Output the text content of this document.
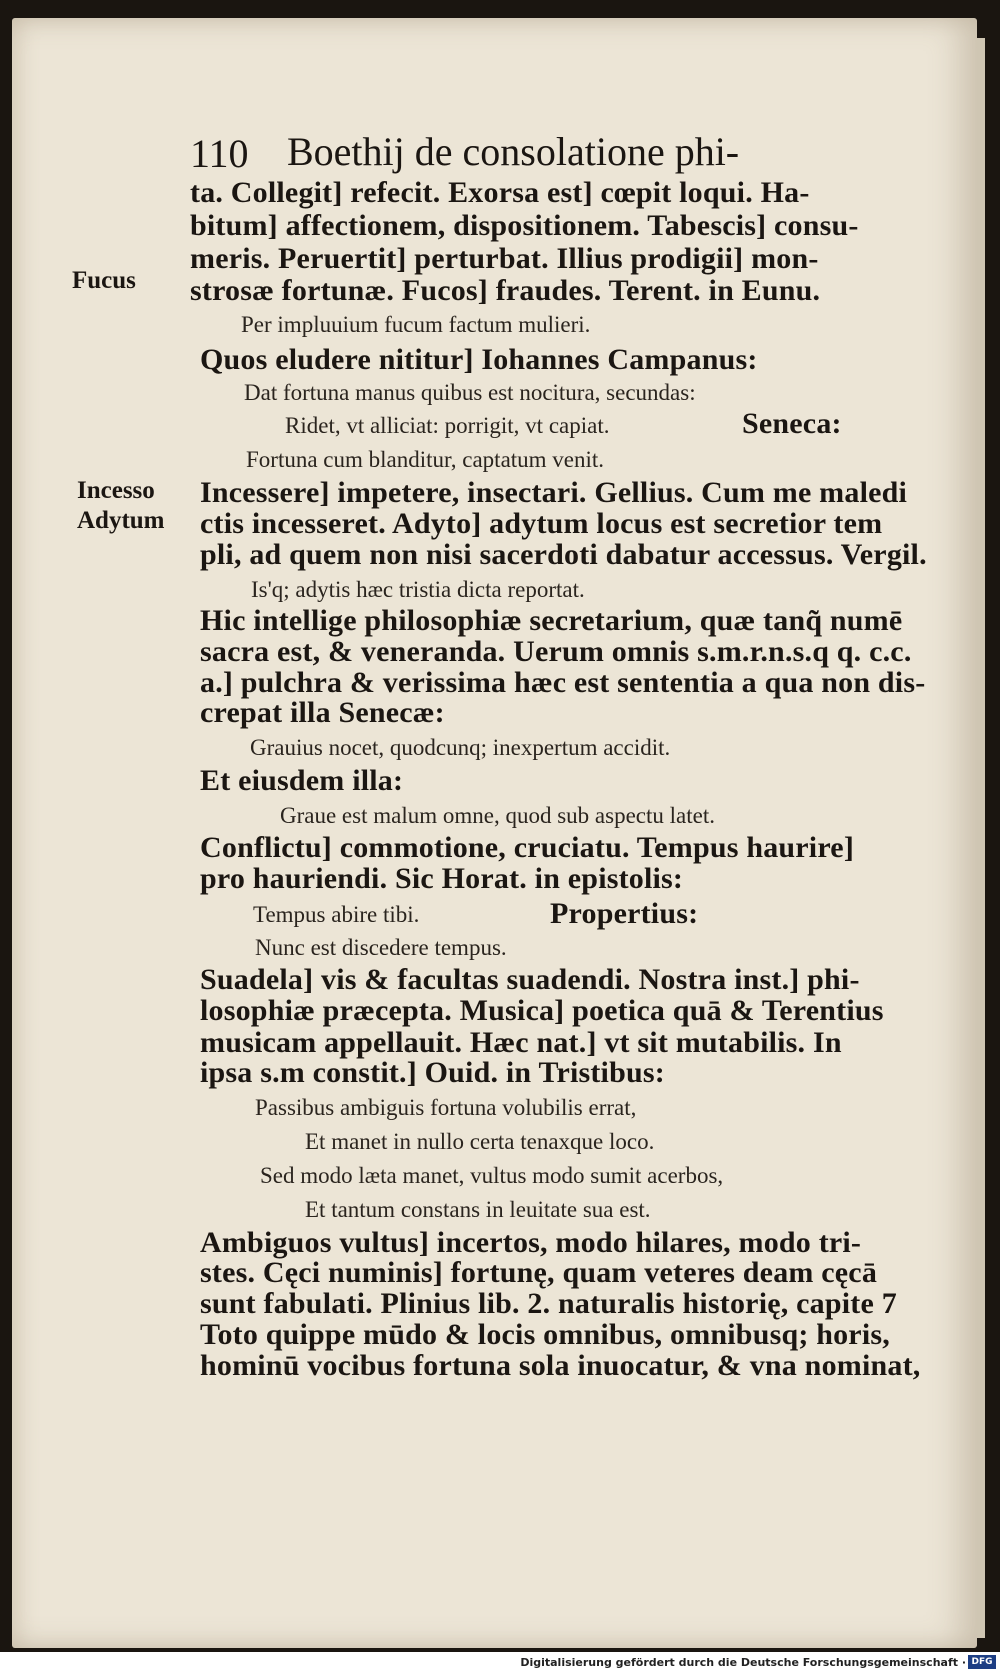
110 Boethij de consolatione phi-
Fucus
Incesso
Adytum
ta. Collegit] refecit. Exorsa est] cœpit loqui. Ha-
bitum] affectionem, dispositionem. Tabescis] consu-
meris. Peruertit] perturbat. Illius prodigii] mon-
strosæ fortunæ. Fucos] fraudes. Terent. in Eunu.
Per impluuium fucum factum mulieri.
Quos eludere nititur] Iohannes Campanus:
Dat fortuna manus quibus est nocitura, secundas:
Ridet, vt alliciat: porrigit, vt capiat.	Seneca:
Fortuna cum blanditur, captatum venit.
Incessere] impetere, insectari. Gellius. Cum me maledi
ctis incesseret. Adyto] adytum locus est secretior tem
pli, ad quem non nisi sacerdoti dabatur accessus. Vergil.
Is'q; adytis hæc tristia dicta reportat.
Hic intellige philosophiæ secretarium, quæ tanq̃ numē
sacra est, & veneranda. Uerum omnis s.m.r.n.s.q q. c.c.
a.] pulchra & verissima hæc est sententia a qua non dis-
crepat illa Senecæ:
Grauius nocet, quodcunq; inexpertum accidit.
Et eiusdem illa:
Graue est malum omne, quod sub aspectu latet.
Conflictu] commotione, cruciatu. Tempus haurire]
pro hauriendi. Sic Horat. in epistolis:
Tempus abire tibi.	Propertius:
Nunc est discedere tempus.
Suadela] vis & facultas suadendi. Nostra inst.] phi-
losophiæ præcepta. Musica] poetica quā & Terentius
musicam appellauit. Hæc nat.] vt sit mutabilis. In
ipsa s.m constit.] Ouid. in Tristibus:
Passibus ambiguis fortuna volubilis errat,
Et manet in nullo certa tenaxque loco.
Sed modo læta manet, vultus modo sumit acerbos,
Et tantum constans in leuitate sua est.
Ambiguos vultus] incertos, modo hilares, modo tri-
stes. Cęci numinis] fortunę, quam veteres deam cęcā
sunt fabulati. Plinius lib. 2. naturalis historię, capite 7
Toto quippe mūdo & locis omnibus, omnibusq; horis,
hominū vocibus fortuna sola inuocatur, & vna nominat,
Digitalisierung gefördert durch die Deutsche Forschungsgemeinschaft · DFG
